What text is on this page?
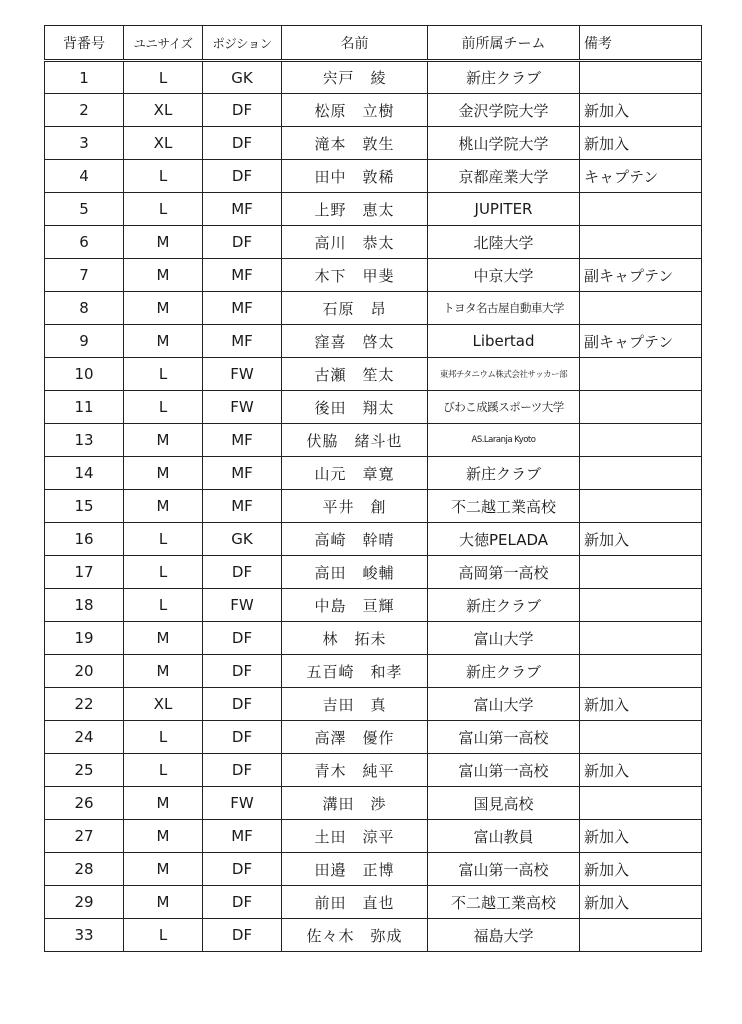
背番号	ユニサイズ	ポジション	名前	前所属チーム	備考
1	L	GK	宍戸　綾	新庄クラブ	
2	XL	DF	松原　立樹	金沢学院大学	新加入
3	XL	DF	滝本　敦生	桃山学院大学	新加入
4	L	DF	田中　敦稀	京都産業大学	キャプテン
5	L	MF	上野　恵太	JUPITER	
6	M	DF	高川　恭太	北陸大学	
7	M	MF	木下　甲斐	中京大学	副キャプテン
8	M	MF	石原　昂	トヨタ名古屋自動車大学	
9	M	MF	窪喜　啓太	Libertad	副キャプテン
10	L	FW	古瀬　笙太	東邦チタニウム株式会社サッカー部	
11	L	FW	後田　翔太	びわこ成蹊スポーツ大学	
13	M	MF	伏脇　緒斗也	AS.Laranja Kyoto	
14	M	MF	山元　章寛	新庄クラブ	
15	M	MF	平井　創	不二越工業高校	
16	L	GK	高崎　幹晴	大徳PELADA	新加入
17	L	DF	高田　峻輔	高岡第一高校	
18	L	FW	中島　亘輝	新庄クラブ	
19	M	DF	林　拓未	富山大学	
20	M	DF	五百崎　和孝	新庄クラブ	
22	XL	DF	吉田　真	富山大学	新加入
24	L	DF	高澤　優作	富山第一高校	
25	L	DF	青木　純平	富山第一高校	新加入
26	M	FW	溝田　渉	国見高校	
27	M	MF	土田　涼平	富山教員	新加入
28	M	DF	田邉　正博	富山第一高校	新加入
29	M	DF	前田　直也	不二越工業高校	新加入
33	L	DF	佐々木　弥成	福島大学	
